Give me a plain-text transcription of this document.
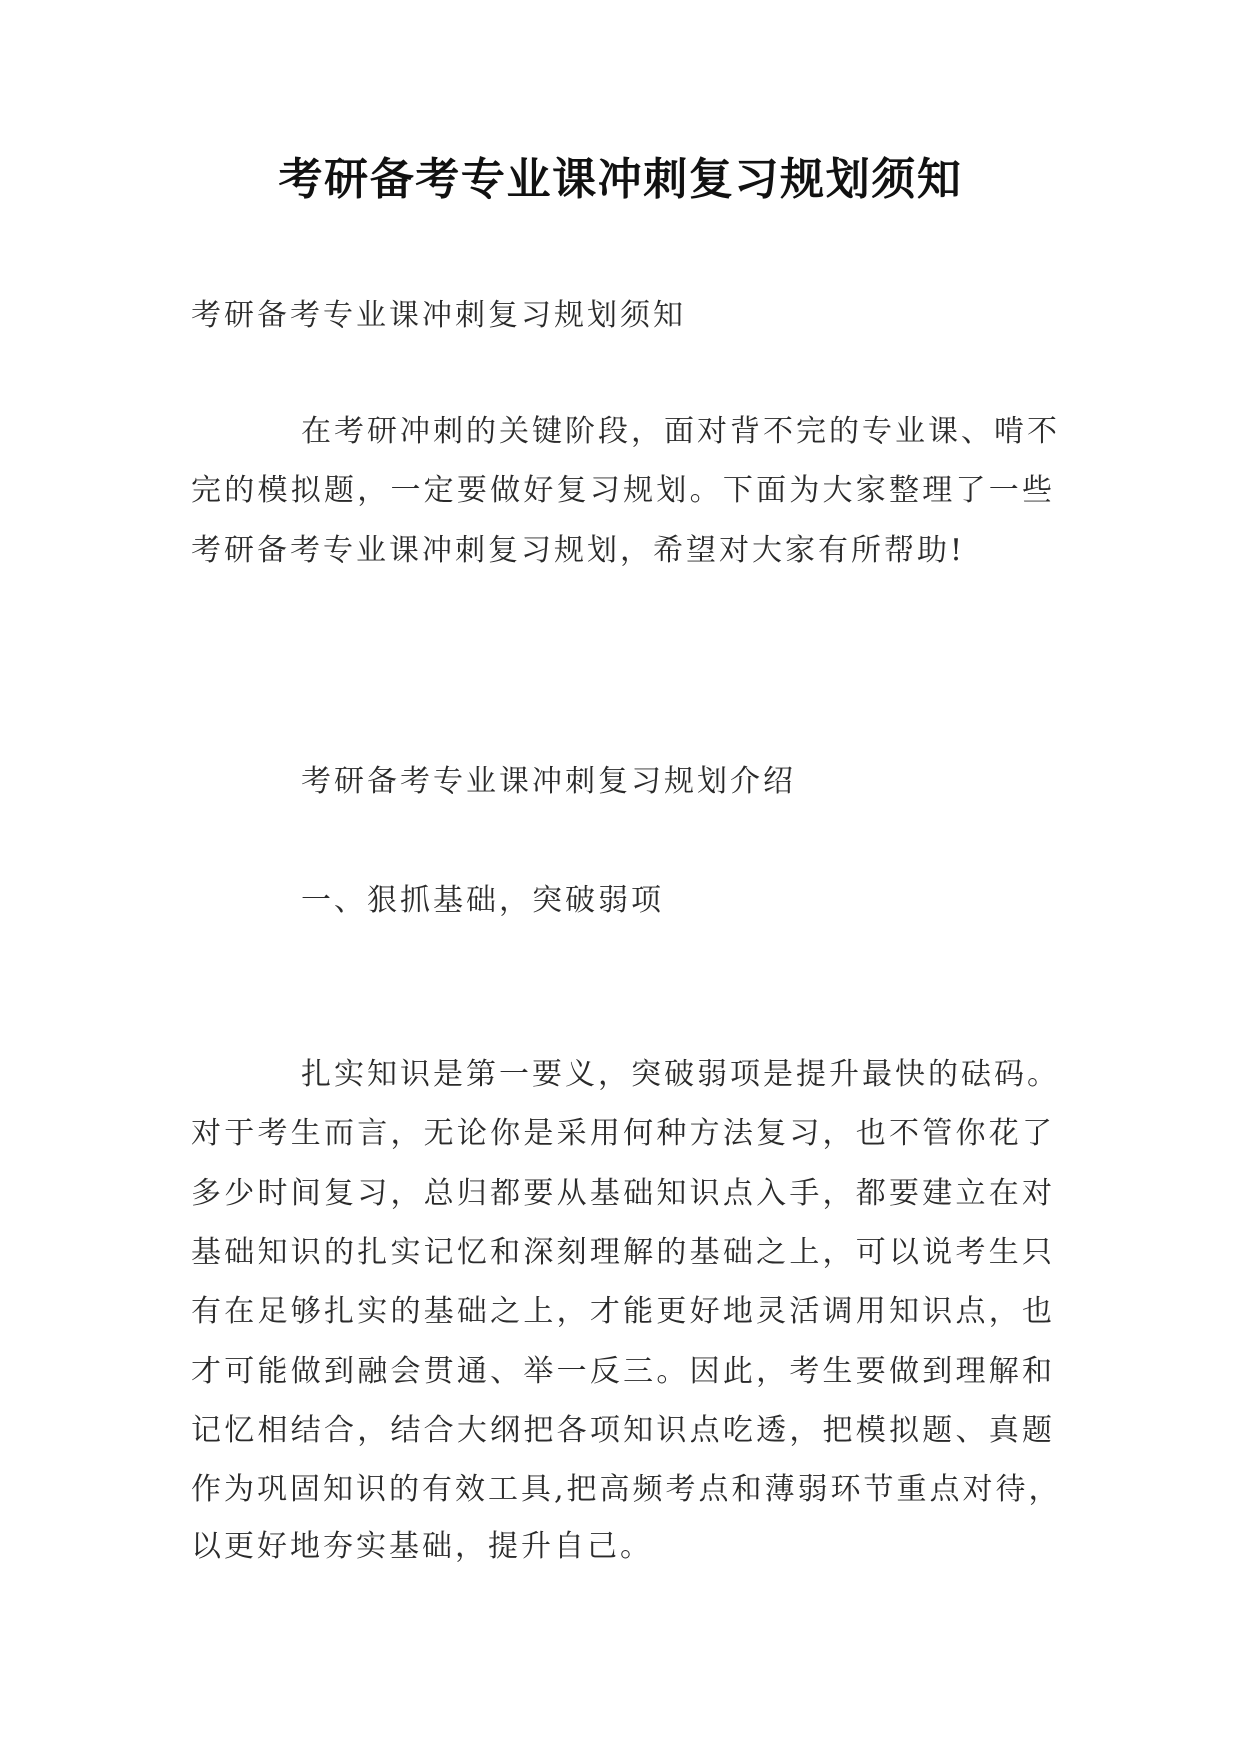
考研备考专业课冲刺复习规划须知
考研备考专业课冲刺复习规划须知
在考研冲刺的关键阶段，面对背不完的专业课、啃不
完的模拟题，一定要做好复习规划。下面为大家整理了一些
考研备考专业课冲刺复习规划，希望对大家有所帮助!
考研备考专业课冲刺复习规划介绍
一、狠抓基础，突破弱项
扎实知识是第一要义，突破弱项是提升最快的砝码。
对于考生而言，无论你是采用何种方法复习，也不管你花了
多少时间复习，总归都要从基础知识点入手，都要建立在对
基础知识的扎实记忆和深刻理解的基础之上，可以说考生只
有在足够扎实的基础之上，才能更好地灵活调用知识点，也
才可能做到融会贯通、举一反三。因此，考生要做到理解和
记忆相结合，结合大纲把各项知识点吃透，把模拟题、真题
作为巩固知识的有效工具,把高频考点和薄弱环节重点对待，
以更好地夯实基础，提升自己。
